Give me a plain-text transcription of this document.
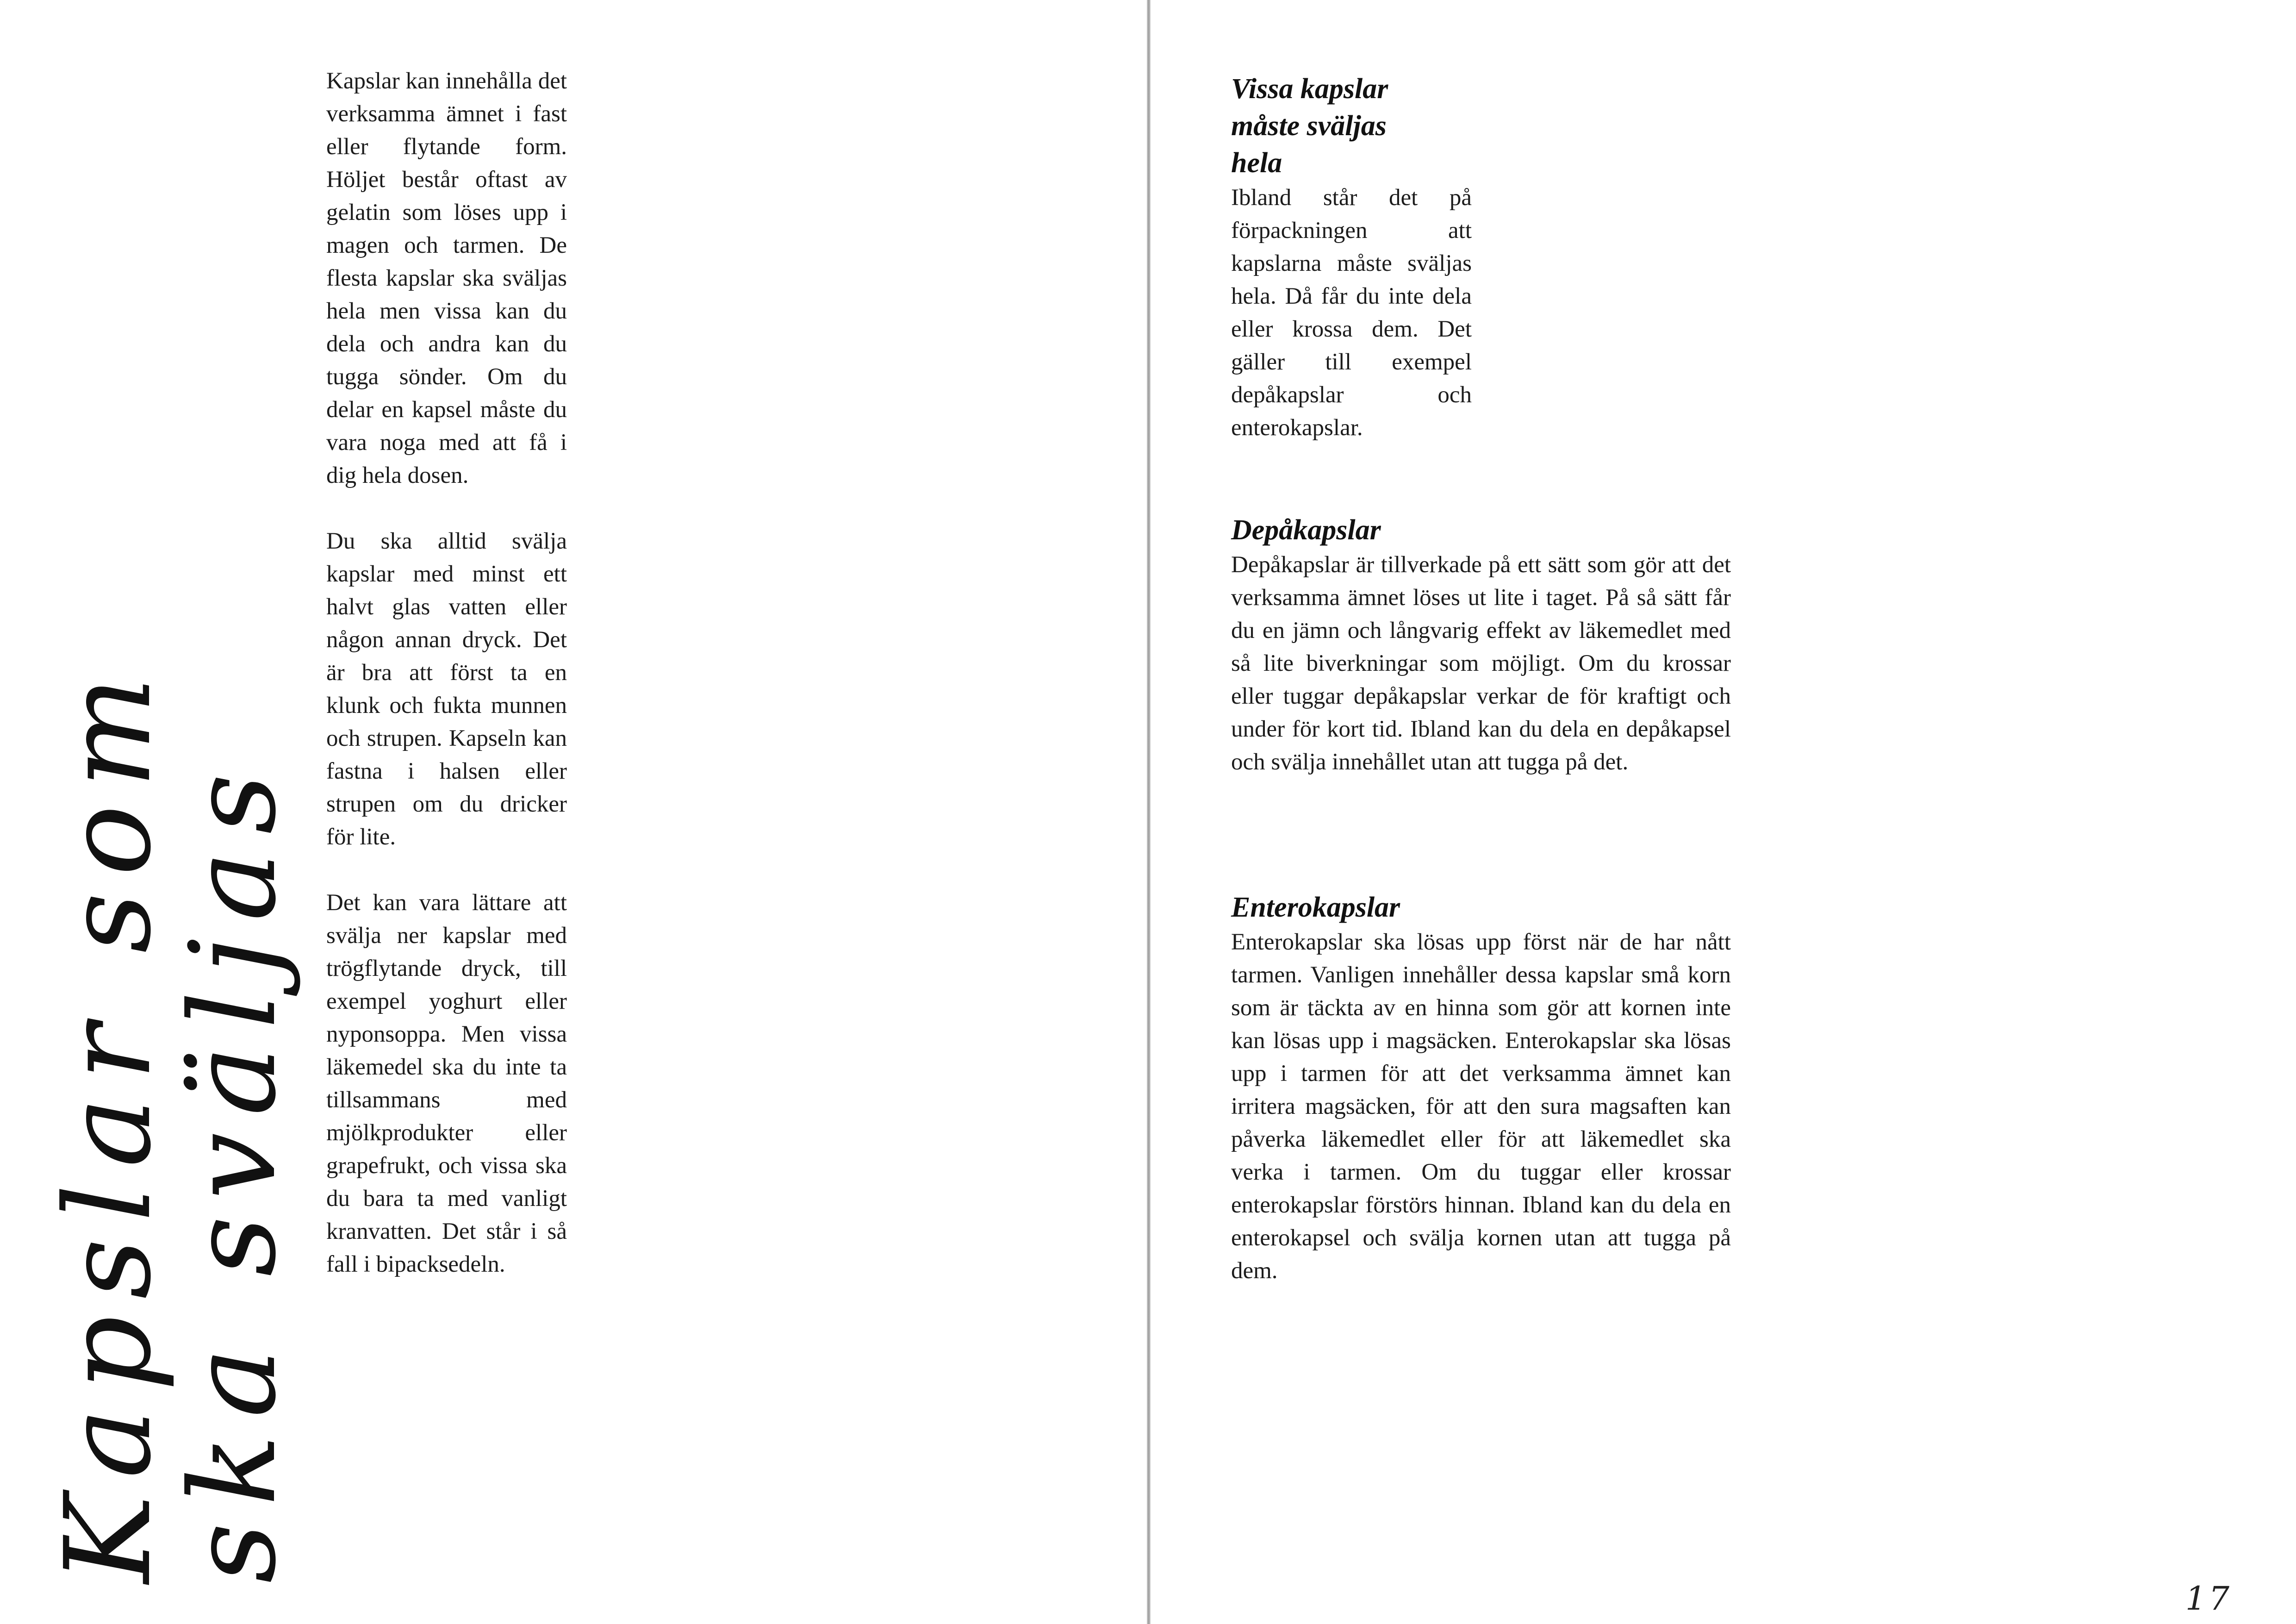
Kapslar som
ska sväljas

Kapslar kan innehålla det verksamma ämnet i fast eller flytande form. Höljet består oftast av gelatin som löses upp i magen och tarmen. De flesta kapslar ska sväljas hela men vissa kan du dela och andra kan du tugga sönder. Om du delar en kapsel måste du vara noga med att få i dig hela dosen.

Du ska alltid svälja kapslar med minst ett halvt glas vatten eller någon annan dryck. Det är bra att först ta en klunk och fukta munnen och strupen. Kapseln kan fastna i halsen eller strupen om du dricker för lite.

Det kan vara lättare att svälja ner kapslar med trögflytande dryck, till exempel yoghurt eller nyponsoppa. Men vissa läkemedel ska du inte ta tillsammans med mjölkprodukter eller grapefrukt, och vissa ska du bara ta med vanligt kranvatten. Det står i så fall i bipacksedeln.

Vissa kapslar måste sväljas hela

Ibland står det på förpackningen att kapslarna måste sväljas hela. Då får du inte dela eller krossa dem. Det gäller till exempel depåkapslar och enterokapslar.

Depåkapslar

Depåkapslar är tillverkade på ett sätt som gör att det verksamma ämnet löses ut lite i taget. På så sätt får du en jämn och långvarig effekt av läkemedlet med så lite biverkningar som möjligt. Om du krossar eller tuggar depåkapslar verkar de för kraftigt och under för kort tid. Ibland kan du dela en depåkapsel och svälja innehållet utan att tugga på det.

Enterokapslar

Enterokapslar ska lösas upp först när de har nått tarmen. Vanligen innehåller dessa kapslar små korn som är täckta av en hinna som gör att kornen inte kan lösas upp i magsäcken. Enterokapslar ska lösas upp i tarmen för att det verksamma ämnet kan irritera magsäcken, för att den sura magsaften kan påverka läkemedlet eller för att läkemedlet ska verka i tarmen. Om du tuggar eller krossar enterokapslar förstörs hinnan. Ibland kan du dela en enterokapsel och svälja kornen utan att tugga på dem.

17
